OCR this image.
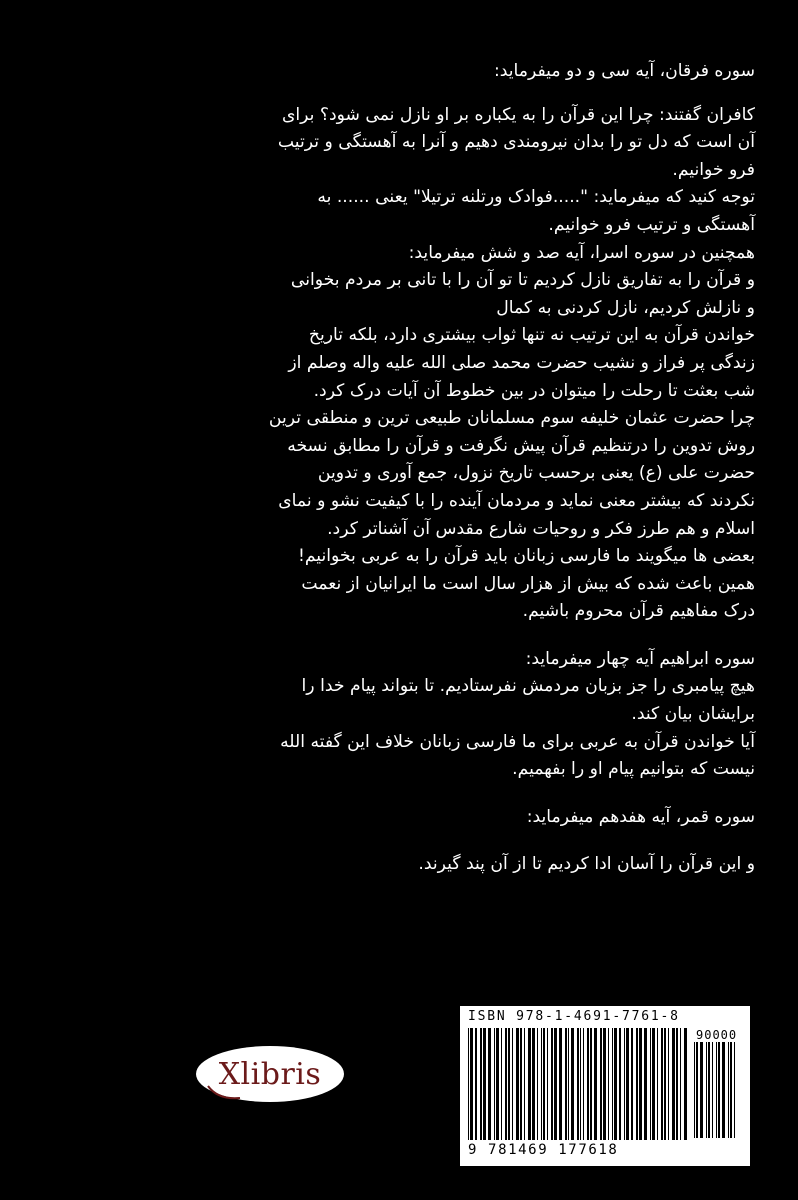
سوره فرقان، آیه سی و دو میفرماید:

کافران گفتند: چرا این قرآن را به یکباره بر او نازل نمی شود؟ برای

آن است که دل تو را بدان نیرومندی دهیم و آنرا به آهستگی و ترتیب

فرو خوانیم.

توجه کنید که میفرماید: ".....فوادک ورتلنه ترتیلا" یعنی ...... به

آهستگی و ترتیب فرو خوانیم.

همچنین در سوره اسرا، آیه صد و شش میفرماید:

و قرآن را به تفاریق نازل کردیم تا تو آن را با تانی بر مردم بخوانی

و نازلش کردیم، نازل کردنی به کمال

خواندن قرآن به این ترتیب نه تنها ثواب بیشتری دارد، بلکه تاریخ

زندگی پر فراز و نشیب حضرت محمد صلی الله علیه واله وصلم از

شب بعثت تا رحلت را میتوان در بین خطوط آن آیات درک کرد.

چرا حضرت عثمان خلیفه سوم مسلمانان طبیعی ترین و منطقی ترین

روش تدوین را درتنظیم قرآن پیش نگرفت و قرآن را مطابق نسخه

حضرت علی (ع) یعنی برحسب تاریخ نزول، جمع آوری و تدوین

نکردند که بیشتر معنی نماید و مردمان آینده را با کیفیت نشو و نمای

اسلام و هم طرز فکر و روحیات شارع مقدس آن آشناتر کرد.

بعضی ها میگویند ما فارسی زبانان باید قرآن را به عربی بخوانیم!

همین باعث شده که بیش از هزار سال است ما ایرانیان از نعمت

درک مفاهیم قرآن محروم باشیم.

سوره ابراهیم آیه چهار میفرماید:

هیچ پیامبری را جز بزبان مردمش نفرستادیم. تا بتواند پیام خدا را

برایشان بیان کند.

آیا خواندن قرآن به عربی برای ما فارسی زبانان خلاف این گفته الله

نیست که بتوانیم پیام او را بفهمیم.

سوره قمر، آیه هفدهم میفرماید:

و این قرآن را آسان ادا کردیم تا از آن پند گیرند.

Xlibris
ISBN 978-1-4691-7761-8
90000
9 781469 177618
